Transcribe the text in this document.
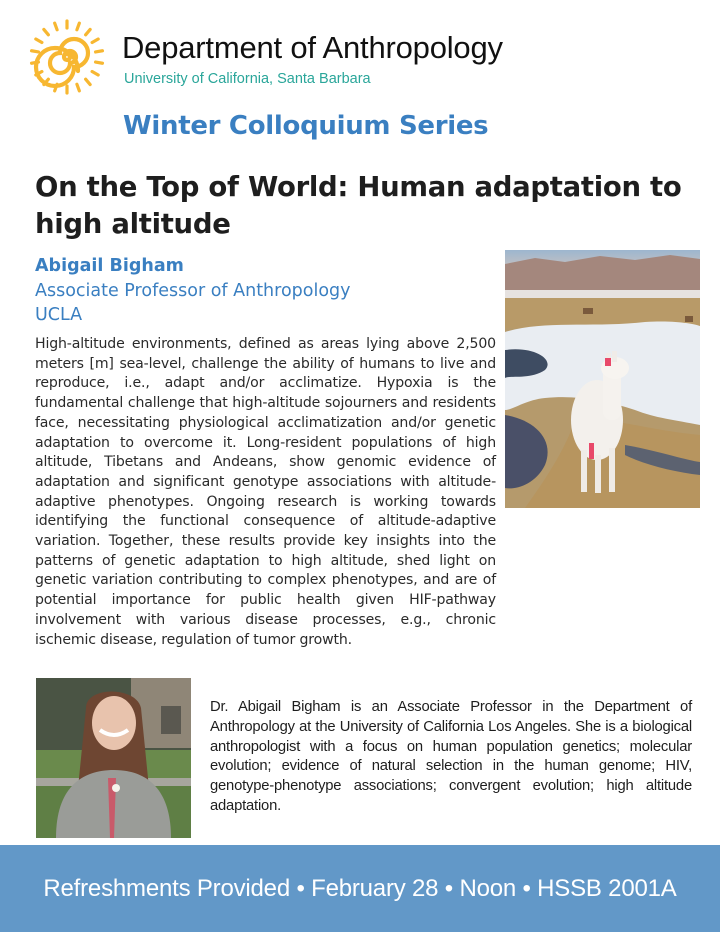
Department of Anthropology
University of California, Santa Barbara
Winter Colloquium Series
On the Top of World: Human adaptation to high altitude
Abigail Bigham
Associate Professor of Anthropology
UCLA
High-altitude environments, defined as areas lying above 2,500 meters [m] sea-level, challenge the ability of humans to live and reproduce, i.e., adapt and/or acclimatize. Hypoxia is the fundamental challenge that high-altitude sojourners and residents face, necessitating physiological acclimatization and/or genetic adaptation to overcome it. Long-resident populations of high altitude, Tibetans and Andeans, show genomic evidence of adaptation and significant genotype associations with altitude-adaptive phenotypes. Ongoing research is working towards identifying the functional consequence of altitude-adaptive variation. Together, these results provide key insights into the patterns of genetic adaptation to high altitude, shed light on genetic variation contributing to complex phenotypes, and are of potential importance for public health given HIF-pathway involvement with various disease processes, e.g., chronic ischemic disease, regulation of tumor growth.
Dr. Abigail Bigham is an Associate Professor in the Department of Anthropology at the University of California Los Angeles. She is a biological anthropologist with a focus on human population genetics; molecular evolution; evidence of natural selection in the human genome; HIV, genotype-phenotype associations; convergent evolution; high altitude adaptation.
Refreshments Provided • February 28 • Noon • HSSB 2001A
